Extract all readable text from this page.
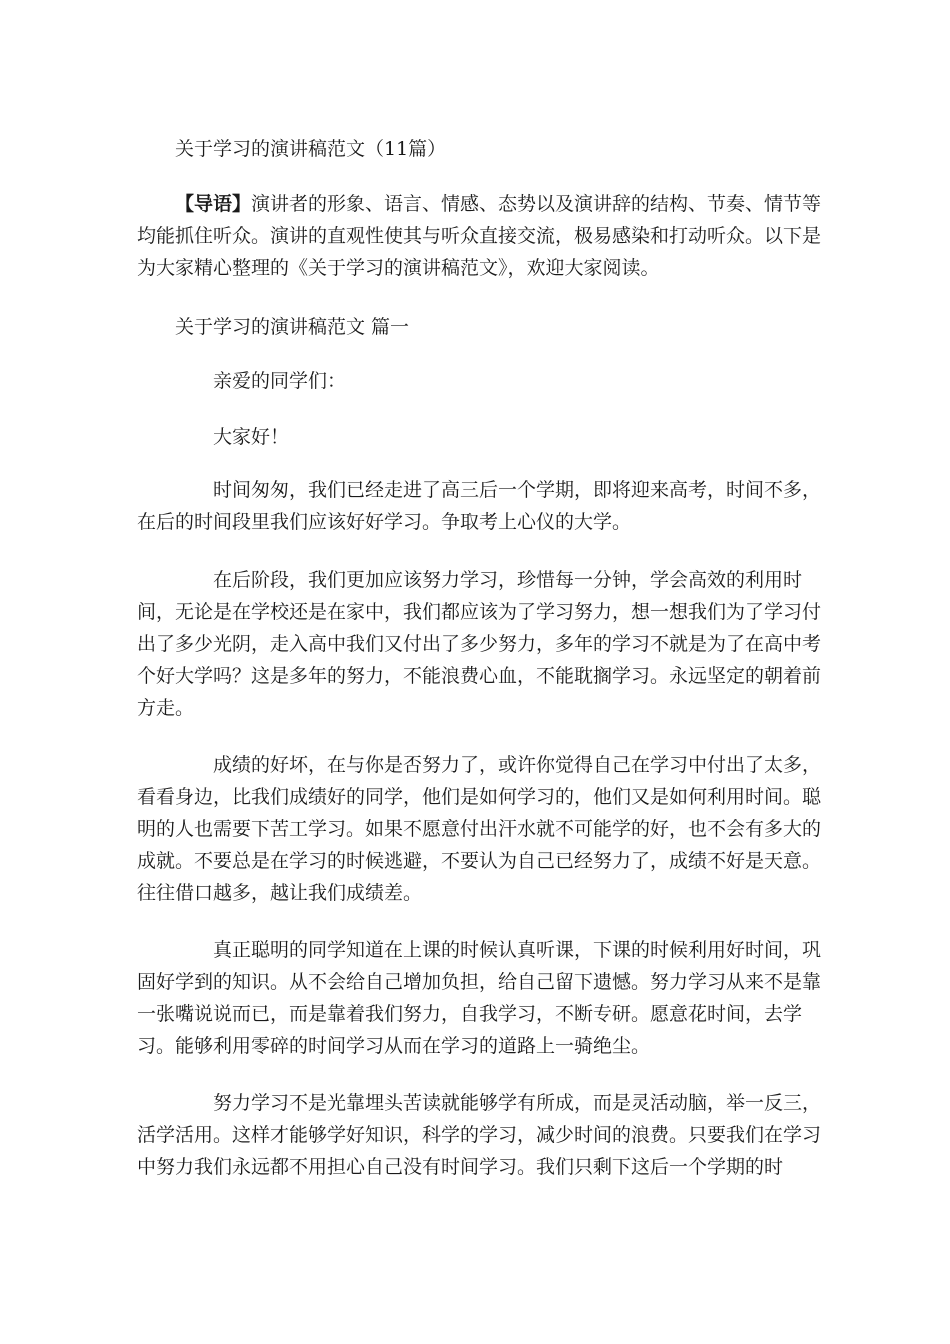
关于学习的演讲稿范文（11篇）

【导语】演讲者的形象、语言、情感、态势以及演讲辞的结构、节奏、情节等均能抓住听众。演讲的直观性使其与听众直接交流，极易感染和打动听众。以下是为大家精心整理的《关于学习的演讲稿范文》，欢迎大家阅读。

关于学习的演讲稿范文 篇一
亲爱的同学们：
大家好！

时间匆匆，我们已经走进了高三后一个学期，即将迎来高考，时间不多，在后的时间段里我们应该好好学习。争取考上心仪的大学。

在后阶段，我们更加应该努力学习，珍惜每一分钟，学会高效的利用时间，无论是在学校还是在家中，我们都应该为了学习努力，想一想我们为了学习付出了多少光阴，走入高中我们又付出了多少努力，多年的学习不就是为了在高中考个好大学吗？这是多年的努力，不能浪费心血，不能耽搁学习。永远坚定的朝着前方走。

成绩的好坏，在与你是否努力了，或许你觉得自己在学习中付出了太多，看看身边，比我们成绩好的同学，他们是如何学习的，他们又是如何利用时间。聪明的人也需要下苦工学习。如果不愿意付出汗水就不可能学的好，也不会有多大的成就。不要总是在学习的时候逃避，不要认为自己已经努力了，成绩不好是天意。往往借口越多，越让我们成绩差。

真正聪明的同学知道在上课的时候认真听课，下课的时候利用好时间，巩固好学到的知识。从不会给自己增加负担，给自己留下遗憾。努力学习从来不是靠一张嘴说说而已，而是靠着我们努力，自我学习，不断专研。愿意花时间，去学习。能够利用零碎的时间学习从而在学习的道路上一骑绝尘。

努力学习不是光靠埋头苦读就能够学有所成，而是灵活动脑，举一反三，活学活用。这样才能够学好知识，科学的学习，减少时间的浪费。只要我们在学习中努力我们永远都不用担心自己没有时间学习。我们只剩下这后一个学期的时
